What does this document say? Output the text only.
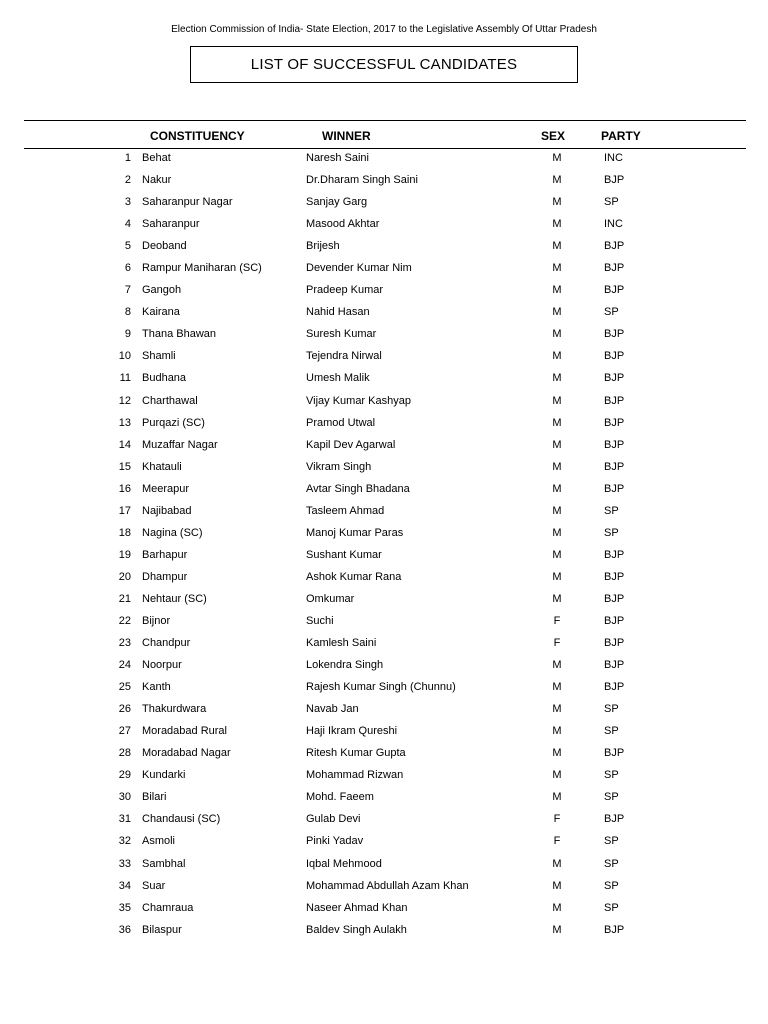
Election Commission of India- State Election, 2017 to the Legislative Assembly Of Uttar Pradesh
LIST OF SUCCESSFUL CANDIDATES
CONSTITUENCY	WINNER	SEX	PARTY
1 Behat	Naresh Saini	M	INC
2 Nakur	Dr.Dharam Singh Saini	M	BJP
3 Saharanpur Nagar	Sanjay Garg	M	SP
4 Saharanpur	Masood Akhtar	M	INC
5 Deoband	Brijesh	M	BJP
6 Rampur Maniharan (SC)	Devender Kumar Nim	M	BJP
7 Gangoh	Pradeep Kumar	M	BJP
8 Kairana	Nahid Hasan	M	SP
9 Thana Bhawan	Suresh Kumar	M	BJP
10 Shamli	Tejendra Nirwal	M	BJP
11 Budhana	Umesh Malik	M	BJP
12 Charthawal	Vijay Kumar Kashyap	M	BJP
13 Purqazi (SC)	Pramod Utwal	M	BJP
14 Muzaffar Nagar	Kapil Dev Agarwal	M	BJP
15 Khatauli	Vikram Singh	M	BJP
16 Meerapur	Avtar Singh Bhadana	M	BJP
17 Najibabad	Tasleem Ahmad	M	SP
18 Nagina (SC)	Manoj Kumar Paras	M	SP
19 Barhapur	Sushant Kumar	M	BJP
20 Dhampur	Ashok Kumar Rana	M	BJP
21 Nehtaur (SC)	Omkumar	M	BJP
22 Bijnor	Suchi	F	BJP
23 Chandpur	Kamlesh Saini	F	BJP
24 Noorpur	Lokendra Singh	M	BJP
25 Kanth	Rajesh Kumar Singh (Chunnu)	M	BJP
26 Thakurdwara	Navab Jan	M	SP
27 Moradabad Rural	Haji Ikram Qureshi	M	SP
28 Moradabad Nagar	Ritesh Kumar Gupta	M	BJP
29 Kundarki	Mohammad Rizwan	M	SP
30 Bilari	Mohd. Faeem	M	SP
31 Chandausi (SC)	Gulab Devi	F	BJP
32 Asmoli	Pinki Yadav	F	SP
33 Sambhal	Iqbal Mehmood	M	SP
34 Suar	Mohammad Abdullah Azam Khan	M	SP
35 Chamraua	Naseer Ahmad Khan	M	SP
36 Bilaspur	Baldev Singh Aulakh	M	BJP
